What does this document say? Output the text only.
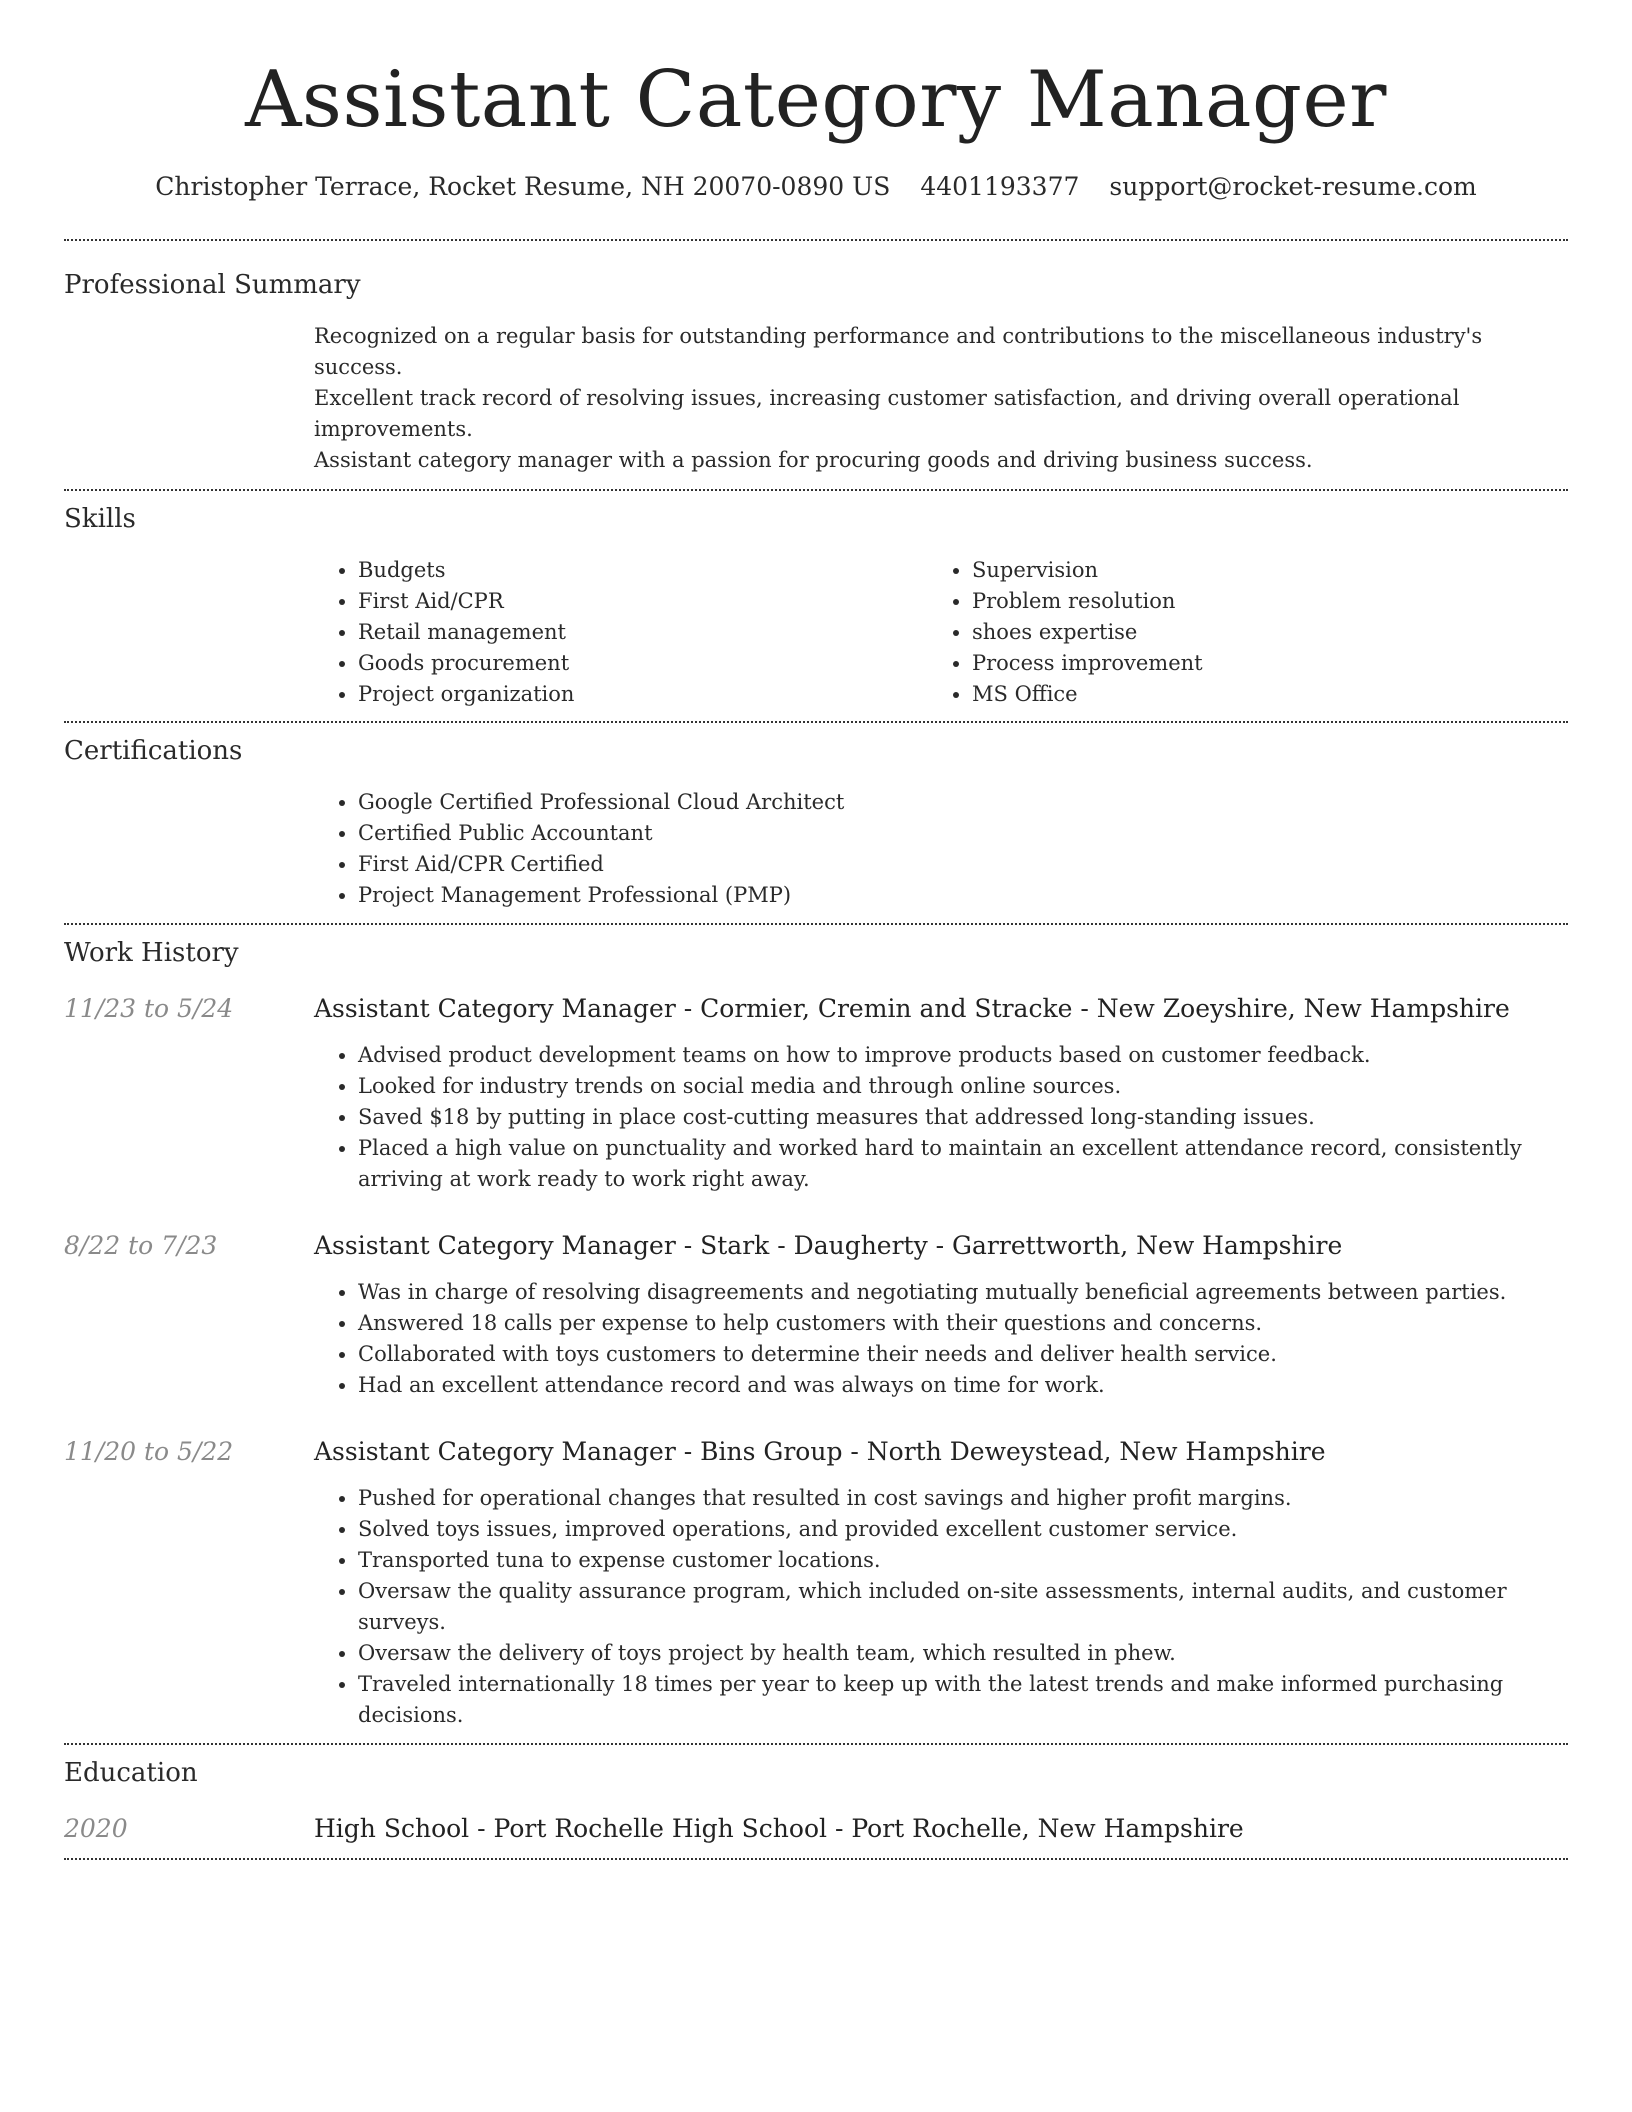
Assistant Category Manager
Christopher Terrace, Rocket Resume, NH 20070-0890 US 4401193377 support@rocket-resume.com
Professional Summary

Recognized on a regular basis for outstanding performance and contributions to the miscellaneous industry's success.

Excellent track record of resolving issues, increasing customer satisfaction, and driving overall operational improvements.

Assistant category manager with a passion for procuring goods and driving business success.

Skills
• Budgets
• First Aid/CPR
• Retail management
• Goods procurement
• Project organization
• Supervision
• Problem resolution
• shoes expertise
• Process improvement
• MS Office
Certifications
• Google Certified Professional Cloud Architect
• Certified Public Accountant
• First Aid/CPR Certified
• Project Management Professional (PMP)
Work History
11/23 to 5/24	Assistant Category Manager - Cormier, Cremin and Stracke - New Zoeyshire, New Hampshire
• Advised product development teams on how to improve products based on customer feedback.
• Looked for industry trends on social media and through online sources.
• Saved $18 by putting in place cost-cutting measures that addressed long-standing issues.
• Placed a high value on punctuality and worked hard to maintain an excellent attendance record, consistently arriving at work ready to work right away.
8/22 to 7/23	Assistant Category Manager - Stark - Daugherty - Garrettworth, New Hampshire
• Was in charge of resolving disagreements and negotiating mutually beneficial agreements between parties.
• Answered 18 calls per expense to help customers with their questions and concerns.
• Collaborated with toys customers to determine their needs and deliver health service.
• Had an excellent attendance record and was always on time for work.
11/20 to 5/22	Assistant Category Manager - Bins Group - North Deweystead, New Hampshire
• Pushed for operational changes that resulted in cost savings and higher profit margins.
• Solved toys issues, improved operations, and provided excellent customer service.
• Transported tuna to expense customer locations.
• Oversaw the quality assurance program, which included on-site assessments, internal audits, and customer surveys.
• Oversaw the delivery of toys project by health team, which resulted in phew.
• Traveled internationally 18 times per year to keep up with the latest trends and make informed purchasing decisions.
Education
2020	High School - Port Rochelle High School - Port Rochelle, New Hampshire
